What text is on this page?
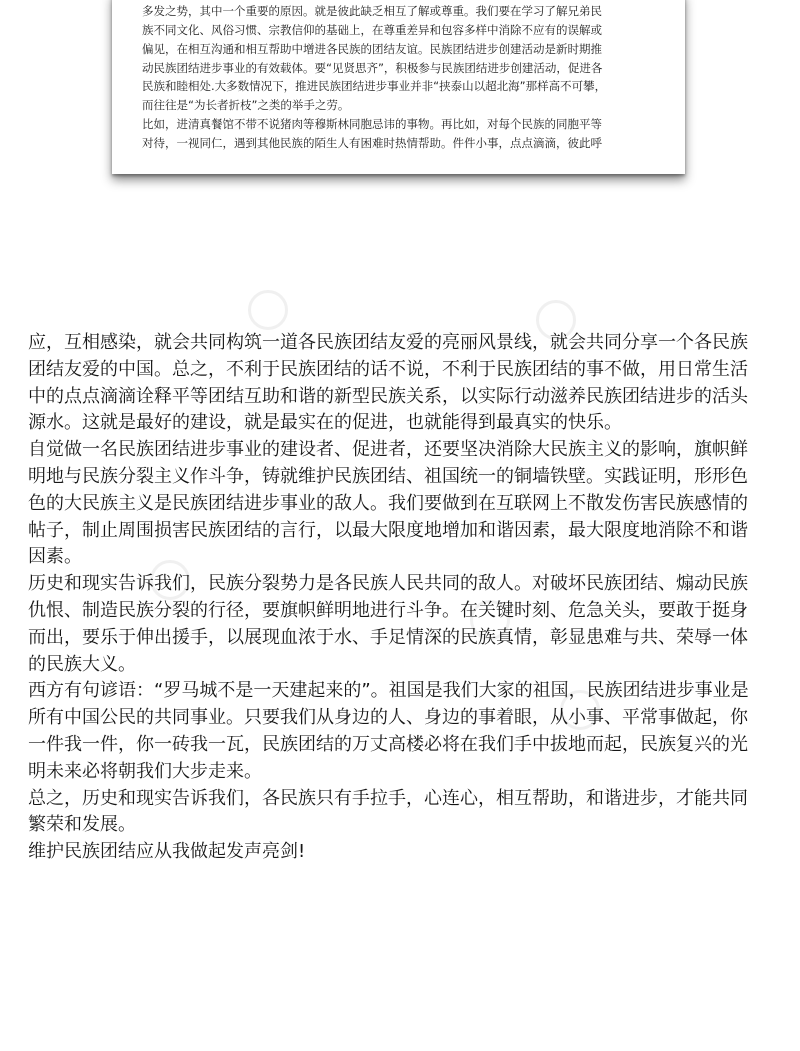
多发之势，其中一个重要的原因。就是彼此缺乏相互了解或尊重。我们要在学习了解兄弟民
族不同文化、风俗习惯、宗教信仰的基础上，在尊重差异和包容多样中消除不应有的误解或
偏见，在相互沟通和相互帮助中增进各民族的团结友谊。民族团结进步创建活动是新时期推
动民族团结进步事业的有效载体。要“见贤思齐”，积极参与民族团结进步创建活动，促进各
民族和睦相处.大多数情况下，推进民族团结进步事业并非“挟泰山以超北海”那样高不可攀，
而往往是“为长者折枝”之类的举手之劳。
比如，进清真餐馆不带不说猪肉等穆斯林同胞忌讳的事物。再比如，对每个民族的同胞平等
对待，一视同仁，遇到其他民族的陌生人有困难时热情帮助。件件小事，点点滴滴，彼此呼
应，互相感染，就会共同构筑一道各民族团结友爱的亮丽风景线，就会共同分享一个各民族
团结友爱的中国。总之，不利于民族团结的话不说，不利于民族团结的事不做，用日常生活
中的点点滴滴诠释平等团结互助和谐的新型民族关系，以实际行动滋养民族团结进步的活头
源水。这就是最好的建设，就是最实在的促进，也就能得到最真实的快乐。
自觉做一名民族团结进步事业的建设者、促进者，还要坚决消除大民族主义的影响，旗帜鲜
明地与民族分裂主义作斗争，铸就维护民族团结、祖国统一的铜墙铁壁。实践证明，形形色
色的大民族主义是民族团结进步事业的敌人。我们要做到在互联网上不散发伤害民族感情的
帖子，制止周围损害民族团结的言行，以最大限度地增加和谐因素，最大限度地消除不和谐
因素。
历史和现实告诉我们，民族分裂势力是各民族人民共同的敌人。对破坏民族团结、煽动民族
仇恨、制造民族分裂的行径，要旗帜鲜明地进行斗争。在关键时刻、危急关头，要敢于挺身
而出，要乐于伸出援手，以展现血浓于水、手足情深的民族真情，彰显患难与共、荣辱一体
的民族大义。
西方有句谚语：“罗马城不是一天建起来的”。祖国是我们大家的祖国，民族团结进步事业是
所有中国公民的共同事业。只要我们从身边的人、身边的事着眼，从小事、平常事做起，你
一件我一件，你一砖我一瓦，民族团结的万丈高楼必将在我们手中拔地而起，民族复兴的光
明未来必将朝我们大步走来。
总之，历史和现实告诉我们，各民族只有手拉手，心连心，相互帮助，和谐进步，才能共同
繁荣和发展。
维护民族团结应从我做起发声亮剑!
